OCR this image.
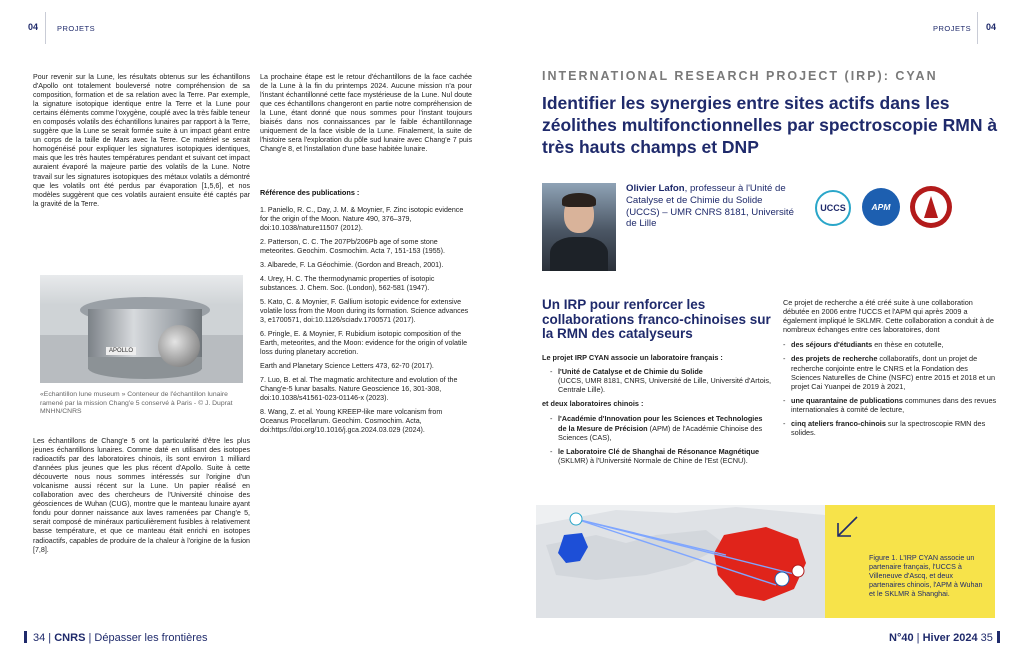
04	PROJETS	PROJETS 04
Pour revenir sur la Lune, les résultats obtenus sur les échantillons d'Apollo ont totalement bouleversé notre compréhension de sa composition, formation et de sa relation avec la Terre. Par exemple, la signature isotopique identique entre la Terre et la Lune pour certains éléments comme l'oxygène, couplé avec la très faible teneur en composés volatils des échantillons lunaires par rapport à la Terre, suggère que la Lune se serait formée suite à un impact géant entre un corps de la taille de Mars avec la Terre. Ce matériel se serait homogénéisé pour expliquer les signatures isotopiques identiques, mais que les très hautes températures pendant et suivant cet impact auraient évaporé la majeure partie des volatils de la Lune. Notre travail sur les signatures isotopiques des métaux volatils a démontré que les volatils ont été perdus par évaporation [1,5,6], et nos modèles suggèrent que ces volatils auraient ensuite été captés par la gravité de la Terre.
APOLLO
«Echantillon lune museum » Conteneur de l'échantillon lunaire ramené par la mission Chang'e 5 conservé à Paris - © J. Duprat MNHN/CNRS
Les échantillons de Chang'e 5 ont la particularité d'être les plus jeunes échantillons lunaires. Comme daté en utilisant des isotopes radioactifs par des laboratoires chinois, ils sont environ 1 milliard d'années plus jeunes que les plus récent d'Apollo. Suite à cette découverte nous nous sommes intéressés sur l'origine d'un volcanisme aussi récent sur la Lune. Un papier réalisé en collaboration avec des chercheurs de l'Université chinoise des géosciences de Wuhan (CUG), montre que le manteau lunaire ayant fondu pour donner naissance aux laves ramenées par Chang'e 5, serait composé de minéraux particulièrement fusibles à relativement basse température, et que ce manteau était enrichi en isotopes radioactifs, capables de produire de la chaleur à l'origine de la fusion [7,8].
La prochaine étape est le retour d'échantillons de la face cachée de la Lune à la fin du printemps 2024. Aucune mission n'a pour l'instant échantillonné cette face mystérieuse de la Lune. Nul doute que ces échantillons changeront en partie notre compréhension de la Lune, étant donné que nous sommes pour l'instant toujours biaisés dans nos connaissances par le faible échantillonnage uniquement de la face visible de la Lune. Finalement, la suite de l'histoire sera l'exploration du pôle sud lunaire avec Chang'e 7 puis Chang'e 8, et l'installation d'une base habitée lunaire.
Référence des publications :
1. Paniello, R. C., Day, J. M. & Moynier, F. Zinc isotopic evidence for the origin of the Moon. Nature 490, 376–379, doi:10.1038/nature11507 (2012).
2. Patterson, C. C. The 207Pb/206Pb age of some stone meteorites. Geochim. Cosmochim. Acta 7, 151-153 (1955).
3. Albarede, F. La Géochimie. (Gordon and Breach, 2001).
4. Urey, H. C. The thermodynamic properties of isotopic substances. J. Chem. Soc. (London), 562-581 (1947).
5. Kato, C. & Moynier, F. Gallium isotopic evidence for extensive volatile loss from the Moon during its formation. Science advances 3, e1700571, doi:10.1126/sciadv.1700571 (2017).
6. Pringle, E. & Moynier, F. Rubidium isotopic composition of the Earth, meteorites, and the Moon: evidence for the origin of volatile loss during planetary accretion.
Earth and Planetary Science Letters 473, 62-70 (2017).
7. Luo, B. et al. The magmatic architecture and evolution of the Chang'e-5 lunar basalts. Nature Geoscience 16, 301-308, doi:10.1038/s41561-023-01146-x (2023).
8. Wang, Z. et al. Young KREEP-like mare volcanism from Oceanus Procellarum. Geochim. Cosmochim. Acta, doi:https://doi.org/10.1016/j.gca.2024.03.029 (2024).
INTERNATIONAL RESEARCH PROJECT (IRP): CYAN
Identifier les synergies entre sites actifs dans les zéolithes multifonctionnelles par spectroscopie RMN à très hauts champs et DNP
Olivier Lafon, professeur à l'Unité de Catalyse et de Chimie du Solide (UCCS) – UMR CNRS 8181, Université de Lille
UCCS	APM
Un IRP pour renforcer les collaborations franco-chinoises sur la RMN des catalyseurs
Le projet IRP CYAN associe un laboratoire français :
- l'Unité de Catalyse et de Chimie du Solide
(UCCS, UMR 8181, CNRS, Université de Lille, Université d'Artois, Centrale Lille).
et deux laboratoires chinois :
- l'Académie d'Innovation pour les Sciences et Technologies de la Mesure de Précision (APM) de l'Académie Chinoise des Sciences (CAS),
- le Laboratoire Clé de Shanghai de Résonance Magnétique (SKLMR) à l'Université Normale de Chine de l'Est (ECNU).
Ce projet de recherche a été créé suite à une collaboration débutée en 2006 entre l'UCCS et l'APM qui après 2009 a également impliqué le SKLMR. Cette collaboration a conduit à de nombreux échanges entre ces laboratoires, dont
- des séjours d'étudiants en thèse en cotutelle,
- des projets de recherche collaboratifs, dont un projet de recherche conjointe entre le CNRS et la Fondation des Sciences Naturelles de Chine (NSFC) entre 2015 et 2018 et un projet Cai Yuanpei de 2019 à 2021,
- une quarantaine de publications communes dans des revues internationales à comité de lecture,
- cinq ateliers franco-chinois sur la spectroscopie RMN des solides.
Figure 1. L'IRP CYAN associe un partenaire français, l'UCCS à Villeneuve d'Ascq, et deux partenaires chinois, l'APM à Wuhan et le SKLMR à Shanghai.
34 | CNRS | Dépasser les frontières	N°40 | Hiver 2024 35
